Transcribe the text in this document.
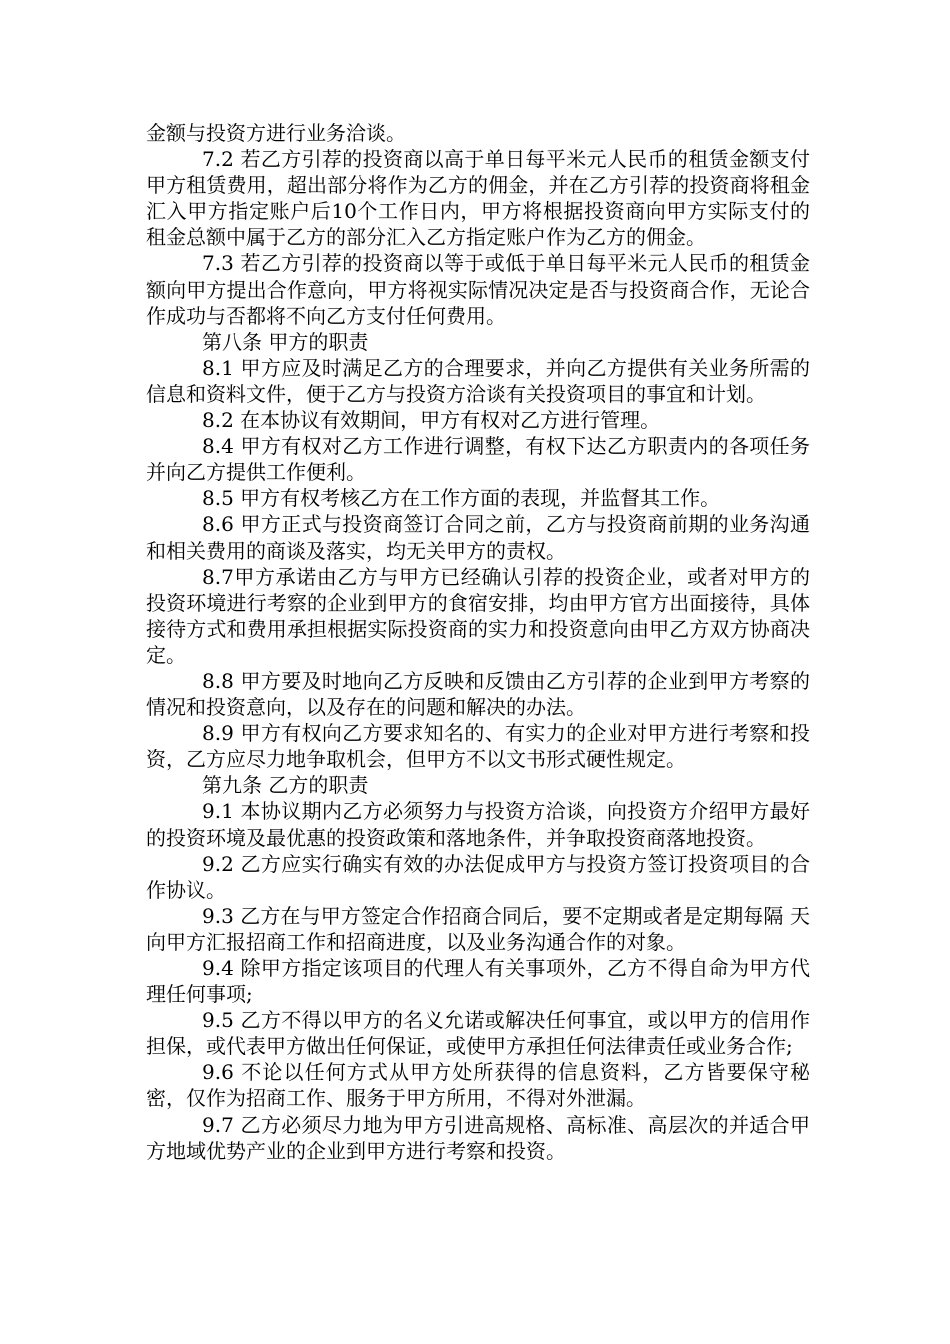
金额与投资方进行业务洽谈。

7.2 若乙方引荐的投资商以高于单日每平米元人民币的租赁金额支付甲方租赁费用，超出部分将作为乙方的佣金，并在乙方引荐的投资商将租金汇入甲方指定账户后10个工作日内，甲方将根据投资商向甲方实际支付的租金总额中属于乙方的部分汇入乙方指定账户作为乙方的佣金。

7.3 若乙方引荐的投资商以等于或低于单日每平米元人民币的租赁金额向甲方提出合作意向，甲方将视实际情况决定是否与投资商合作，无论合作成功与否都将不向乙方支付任何费用。

第八条 甲方的职责

8.1 甲方应及时满足乙方的合理要求，并向乙方提供有关业务所需的信息和资料文件，便于乙方与投资方洽谈有关投资项目的事宜和计划。

8.2 在本协议有效期间，甲方有权对乙方进行管理。

8.4 甲方有权对乙方工作进行调整，有权下达乙方职责内的各项任务并向乙方提供工作便利。

8.5 甲方有权考核乙方在工作方面的表现，并监督其工作。

8.6 甲方正式与投资商签订合同之前，乙方与投资商前期的业务沟通和相关费用的商谈及落实，均无关甲方的责权。

8.7甲方承诺由乙方与甲方已经确认引荐的投资企业，或者对甲方的投资环境进行考察的企业到甲方的食宿安排，均由甲方官方出面接待，具体接待方式和费用承担根据实际投资商的实力和投资意向由甲乙方双方协商决定。

8.8 甲方要及时地向乙方反映和反馈由乙方引荐的企业到甲方考察的情况和投资意向，以及存在的问题和解决的办法。

8.9 甲方有权向乙方要求知名的、有实力的企业对甲方进行考察和投资，乙方应尽力地争取机会，但甲方不以文书形式硬性规定。

第九条 乙方的职责

9.1 本协议期内乙方必须努力与投资方洽谈，向投资方介绍甲方最好的投资环境及最优惠的投资政策和落地条件，并争取投资商落地投资。

9.2 乙方应实行确实有效的办法促成甲方与投资方签订投资项目的合作协议。

9.3 乙方在与甲方签定合作招商合同后，要不定期或者是定期每隔 天向甲方汇报招商工作和招商进度，以及业务沟通合作的对象。

9.4 除甲方指定该项目的代理人有关事项外，乙方不得自命为甲方代理任何事项;

9.5 乙方不得以甲方的名义允诺或解决任何事宜，或以甲方的信用作担保，或代表甲方做出任何保证，或使甲方承担任何法律责任或业务合作;

9.6 不论以任何方式从甲方处所获得的信息资料，乙方皆要保守秘密，仅作为招商工作、服务于甲方所用，不得对外泄漏。

9.7 乙方必须尽力地为甲方引进高规格、高标准、高层次的并适合甲方地域优势产业的企业到甲方进行考察和投资。
